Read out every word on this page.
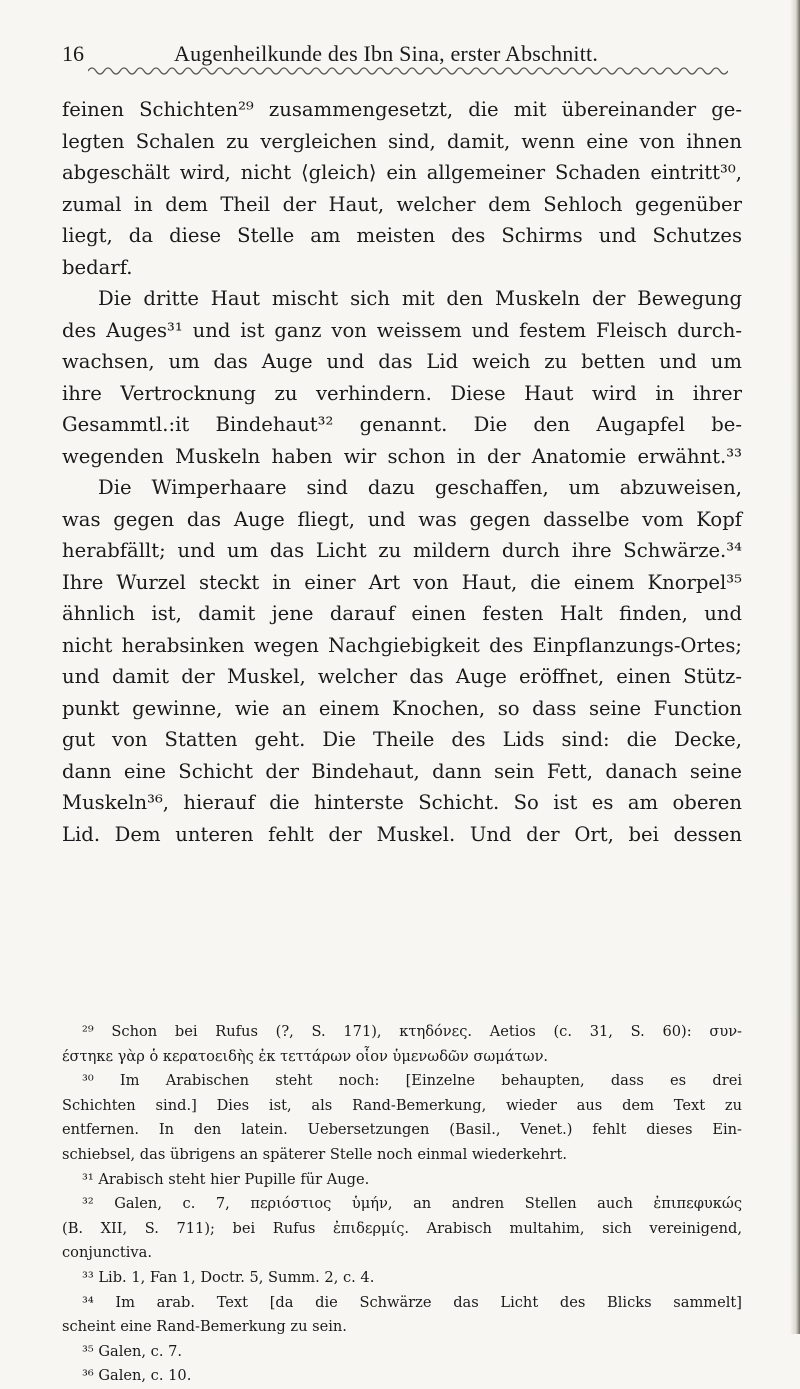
16	Augenheilkunde des Ibn Sina, erster Abschnitt.
feinen Schichten²⁹ zusammengesetzt, die mit übereinander ge-
legten Schalen zu vergleichen sind, damit, wenn eine von ihnen
abgeschält wird, nicht ⟨gleich⟩ ein allgemeiner Schaden eintritt³⁰,
zumal in dem Theil der Haut, welcher dem Sehloch gegenüber
liegt, da diese Stelle am meisten des Schirms und Schutzes
bedarf.
Die dritte Haut mischt sich mit den Muskeln der Bewegung
des Auges³¹ und ist ganz von weissem und festem Fleisch durch-
wachsen, um das Auge und das Lid weich zu betten und um
ihre Vertrocknung zu verhindern. Diese Haut wird in ihrer
Gesammtl.:it Bindehaut³² genannt. Die den Augapfel be-
wegenden Muskeln haben wir schon in der Anatomie erwähnt.³³
Die Wimperhaare sind dazu geschaffen, um abzuweisen,
was gegen das Auge fliegt, und was gegen dasselbe vom Kopf
herabfällt; und um das Licht zu mildern durch ihre Schwärze.³⁴
Ihre Wurzel steckt in einer Art von Haut, die einem Knorpel³⁵
ähnlich ist, damit jene darauf einen festen Halt finden, und
nicht herabsinken wegen Nachgiebigkeit des Einpflanzungs-Ortes;
und damit der Muskel, welcher das Auge eröffnet, einen Stütz-
punkt gewinne, wie an einem Knochen, so dass seine Function
gut von Statten geht. Die Theile des Lids sind: die Decke,
dann eine Schicht der Bindehaut, dann sein Fett, danach seine
Muskeln³⁶, hierauf die hinterste Schicht. So ist es am oberen
Lid. Dem unteren fehlt der Muskel. Und der Ort, bei dessen
²⁹ Schon bei Rufus (?, S. 171), κτηδόνες. Aetios (c. 31, S. 60): συν-
έστηκε γὰρ ὁ κερατοειδὴς ἐκ τεττάρων οἷον ὑμενωδῶν σωμάτων.
³⁰ Im Arabischen steht noch: [Einzelne behaupten, dass es drei
Schichten sind.] Dies ist, als Rand-Bemerkung, wieder aus dem Text zu
entfernen. In den latein. Uebersetzungen (Basil., Venet.) fehlt dieses Ein-
schiebsel, das übrigens an späterer Stelle noch einmal wiederkehrt.
³¹ Arabisch steht hier Pupille für Auge.
³² Galen, c. 7, περιόστιος ὑμήν, an andren Stellen auch ἐπιπεφυκώς
(B. XII, S. 711); bei Rufus ἐπιδερμίς. Arabisch multahim, sich vereinigend,
conjunctiva.
³³ Lib. 1, Fan 1, Doctr. 5, Summ. 2, c. 4.
³⁴ Im arab. Text [da die Schwärze das Licht des Blicks sammelt]
scheint eine Rand-Bemerkung zu sein.
³⁵ Galen, c. 7.
³⁶ Galen, c. 10.
